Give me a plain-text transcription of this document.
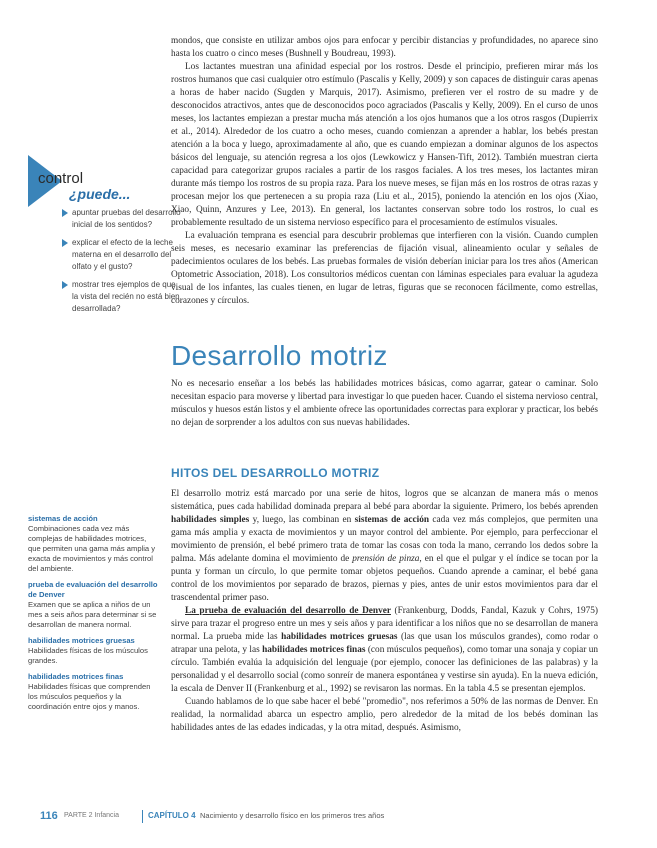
mondos, que consiste en utilizar ambos ojos para enfocar y percibir distancias y profundidades, no aparece sino hasta los cuatro o cinco meses (Bushnell y Boudreau, 1993).

Los lactantes muestran una afinidad especial por los rostros. Desde el principio, prefieren mirar más los rostros humanos que casi cualquier otro estímulo (Pascalis y Kelly, 2009) y son capaces de distinguir caras apenas a horas de haber nacido (Sugden y Marquis, 2017). Asimismo, prefieren ver el rostro de su madre y de desconocidos atractivos, antes que de desconocidos poco agraciados (Pascalis y Kelly, 2009). En el curso de unos meses, los lactantes empiezan a prestar mucha más atención a los ojos humanos que a los otros rasgos (Dupierrix et al., 2014). Alrededor de los cuatro a ocho meses, cuando comienzan a aprender a hablar, los bebés prestan atención a la boca y luego, aproximadamente al año, que es cuando empiezan a dominar algunos de los aspectos básicos del lenguaje, su atención regresa a los ojos (Lewkowicz y Hansen-Tift, 2012). También muestran cierta capacidad para categorizar grupos raciales a partir de los rasgos faciales. A los tres meses, los lactantes miran durante más tiempo los rostros de su propia raza. Para los nueve meses, se fijan más en los rostros de otras razas y procesan mejor los que pertenecen a su propia raza (Liu et al., 2015), poniendo la atención en los ojos (Xiao, Xiao, Quinn, Anzures y Lee, 2013). En general, los lactantes conservan sobre todo los rostros, lo cual es probablemente resultado de un sistema nervioso específico para el procesamiento de estímulos visuales.

La evaluación temprana es esencial para descubrir problemas que interfieren con la visión. Cuando cumplen seis meses, es necesario examinar las preferencias de fijación visual, alineamiento ocular y señales de padecimientos oculares de los bebés. Las pruebas formales de visión deberían iniciar para los tres años (American Optometric Association, 2018). Los consultorios médicos cuentan con láminas especiales para evaluar la agudeza visual de los infantes, las cuales tienen, en lugar de letras, figuras que se reconocen fácilmente, como estrellas, corazones y círculos.

control
¿puede...
apuntar pruebas del desarrollo inicial de los sentidos?
explicar el efecto de la leche materna en el desarrollo del olfato y el gusto?
mostrar tres ejemplos de que la vista del recién no está bien desarrollada?
Desarrollo motriz

No es necesario enseñar a los bebés las habilidades motrices básicas, como agarrar, gatear o caminar. Solo necesitan espacio para moverse y libertad para investigar lo que pueden hacer. Cuando el sistema nervioso central, músculos y huesos están listos y el ambiente ofrece las oportunidades correctas para explorar y practicar, los bebés no dejan de sorprender a los adultos con sus nuevas habilidades.

HITOS DEL DESARROLLO MOTRIZ

El desarrollo motriz está marcado por una serie de hitos, logros que se alcanzan de manera más o menos sistemática, pues cada habilidad dominada prepara al bebé para abordar la siguiente. Primero, los bebés aprenden habilidades simples y, luego, las combinan en sistemas de acción cada vez más complejos, que permiten una gama más amplia y exacta de movimientos y un mayor control del ambiente. Por ejemplo, para perfeccionar el movimiento de prensión, el bebé primero trata de tomar las cosas con toda la mano, cerrando los dedos sobre la palma. Más adelante domina el movimiento de prensión de pinza, en el que el pulgar y el índice se tocan por la punta y forman un círculo, lo que permite tomar objetos pequeños. Cuando aprende a caminar, el bebé gana control de los movimientos por separado de brazos, piernas y pies, antes de unir estos movimientos para dar el trascendental primer paso.

La prueba de evaluación del desarrollo de Denver (Frankenburg, Dodds, Fandal, Kazuk y Cohrs, 1975) sirve para trazar el progreso entre un mes y seis años y para identificar a los niños que no se desarrollan de manera normal. La prueba mide las habilidades motrices gruesas (las que usan los músculos grandes), como rodar o atrapar una pelota, y las habilidades motrices finas (con músculos pequeños), como tomar una sonaja y copiar un círculo. También evalúa la adquisición del lenguaje (por ejemplo, conocer las definiciones de las palabras) y la personalidad y el desarrollo social (como sonreír de manera espontánea y vestirse sin ayuda). En la nueva edición, la escala de Denver II (Frankenburg et al., 1992) se revisaron las normas. En la tabla 4.5 se presentan ejemplos.

Cuando hablamos de lo que sabe hacer el bebé "promedio", nos referimos a 50% de las normas de Denver. En realidad, la normalidad abarca un espectro amplio, pero alrededor de la mitad de los bebés dominan las habilidades antes de las edades indicadas, y la otra mitad, después. Asimismo,

sistemas de acción
Combinaciones cada vez más complejas de habilidades motrices, que permiten una gama más amplia y exacta de movimientos y más control del ambiente.
prueba de evaluación del desarrollo de Denver
Examen que se aplica a niños de un mes a seis años para determinar si se desarrollan de manera normal.
habilidades motrices gruesas
Habilidades físicas de los músculos grandes.
habilidades motrices finas
Habilidades físicas que comprenden los músculos pequeños y la coordinación entre ojos y manos.
116 PARTE 2 Infancia	CAPÍTULO 4 Nacimiento y desarrollo físico en los primeros tres años
